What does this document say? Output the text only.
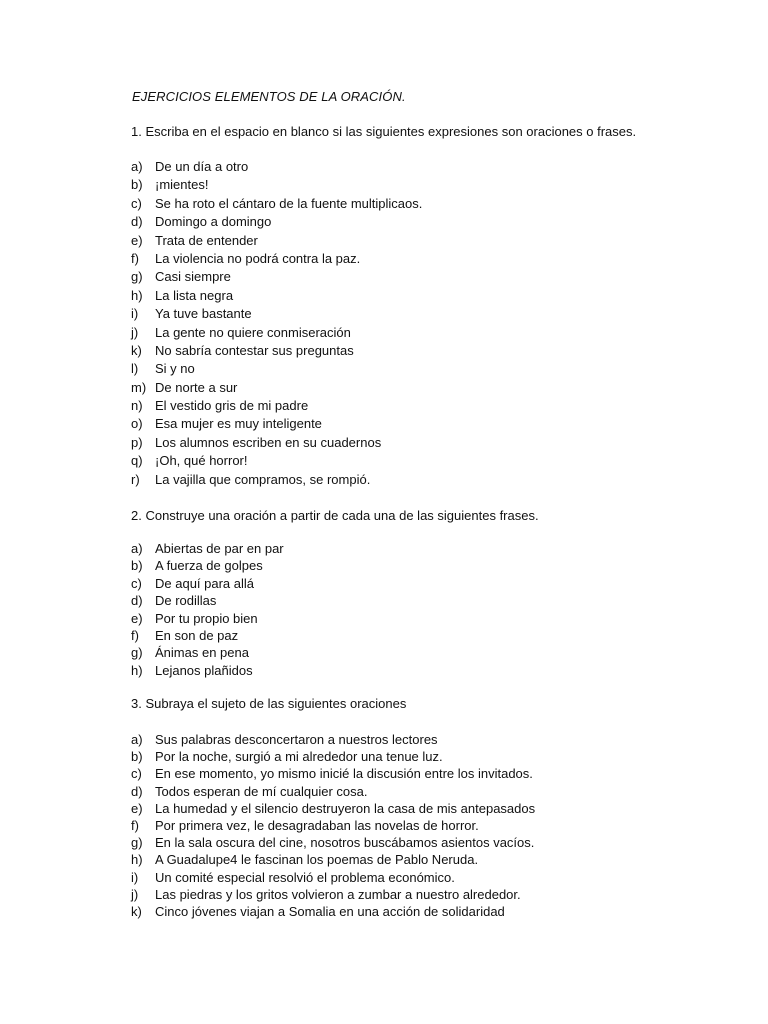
EJERCICIOS ELEMENTOS DE LA ORACIÓN.
1. Escriba en el espacio en blanco si las siguientes expresiones son oraciones o frases.
a) De un día a otro
b) ¡mientes!
c)	Se ha roto el cántaro de la fuente multiplicaos.
d) Domingo a domingo
e) Trata de entender
f)	La violencia no podrá contra la paz.
g) Casi siempre
h) La lista negra
i)	Ya tuve bastante
j)	La gente no quiere conmiseración
k)	No sabría contestar sus preguntas
l)	Si y no
m) De norte a sur
n) El vestido gris de mi padre
o) Esa mujer es muy inteligente
p) Los alumnos escriben en su cuadernos
q) ¡Oh, qué horror!
r)	La vajilla que compramos, se rompió.
2. Construye una oración a partir de cada una de las siguientes frases.
a) Abiertas de par en par
b) A fuerza de golpes
c)	De aquí para allá
d) De rodillas
e) Por tu propio bien
f)	En son de paz
g) Ánimas en pena
h) Lejanos plañidos
3. Subraya el sujeto de las siguientes oraciones
a) Sus palabras desconcertaron a nuestros lectores
b) Por la noche, surgió a mi alrededor una tenue luz.
c)	En ese momento, yo mismo inicié la discusión entre los invitados.
d) Todos esperan de mí cualquier cosa.
e) La humedad y el silencio destruyeron la casa de mis antepasados
f)	Por primera vez, le desagradaban las novelas de horror.
g) En la sala oscura del cine, nosotros buscábamos asientos vacíos.
h) A Guadalupe4 le fascinan los poemas de Pablo Neruda.
i)	Un comité especial resolvió el problema económico.
j)	Las piedras y los gritos volvieron a zumbar a nuestro alrededor.
k)	Cinco jóvenes viajan a Somalia en una acción de solidaridad
